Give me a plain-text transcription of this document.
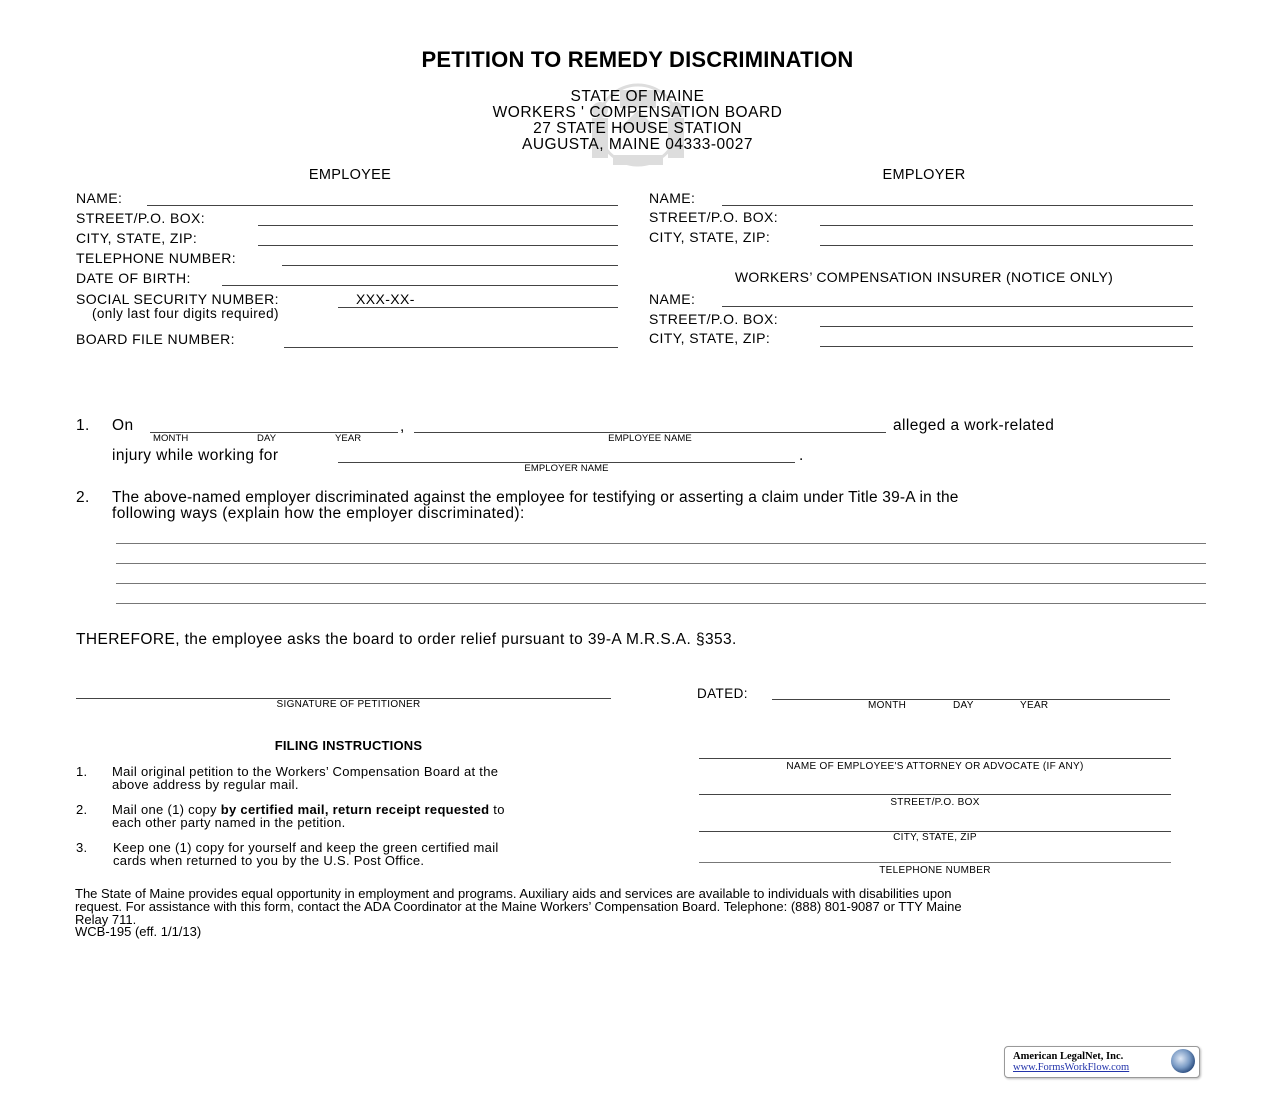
PETITION TO REMEDY DISCRIMINATION
STATE OF MAINE
WORKERS ' COMPENSATION BOARD
27 STATE HOUSE STATION
AUGUSTA, MAINE 04333-0027
EMPLOYEE
NAME:
STREET/P.O. BOX:
CITY, STATE, ZIP:
TELEPHONE NUMBER:
DATE OF BIRTH:
SOCIAL SECURITY NUMBER:	XXX-XX-
(only last four digits required)
BOARD FILE NUMBER:
EMPLOYER
NAME:
STREET/P.O. BOX:
CITY, STATE, ZIP:
WORKERS’ COMPENSATION INSURER (NOTICE ONLY)
NAME:
STREET/P.O. BOX:
CITY, STATE, ZIP:
1. On	,
MONTH	DAY	YEAR	EMPLOYEE NAME
alleged a work-related
injury while working for	.
EMPLOYER NAME
2. The above-named employer discriminated against the employee for testifying or asserting a claim under Title 39-A in the
following ways (explain how the employer discriminated):
THEREFORE, the employee asks the board to order relief pursuant to 39-A M.R.S.A. §353.
SIGNATURE OF PETITIONER
DATED:
MONTH	DAY	YEAR
NAME OF EMPLOYEE'S ATTORNEY OR ADVOCATE (IF ANY)
STREET/P.O. BOX
CITY, STATE, ZIP
TELEPHONE NUMBER
FILING INSTRUCTIONS
1. Mail original petition to the Workers’ Compensation Board at the
above address by regular mail.
2. Mail one (1) copy by certified mail, return receipt requested to
each other party named in the petition.
3. Keep one (1) copy for yourself and keep the green certified mail
cards when returned to you by the U.S. Post Office.
The State of Maine provides equal opportunity in employment and programs. Auxiliary aids and services are available to individuals with disabilities upon
request. For assistance with this form, contact the ADA Coordinator at the Maine Workers’ Compensation Board. Telephone: (888) 801-9087 or TTY Maine
Relay 711.
WCB-195 (eff. 1/1/13)
American LegalNet, Inc.
www.FormsWorkFlow.com
